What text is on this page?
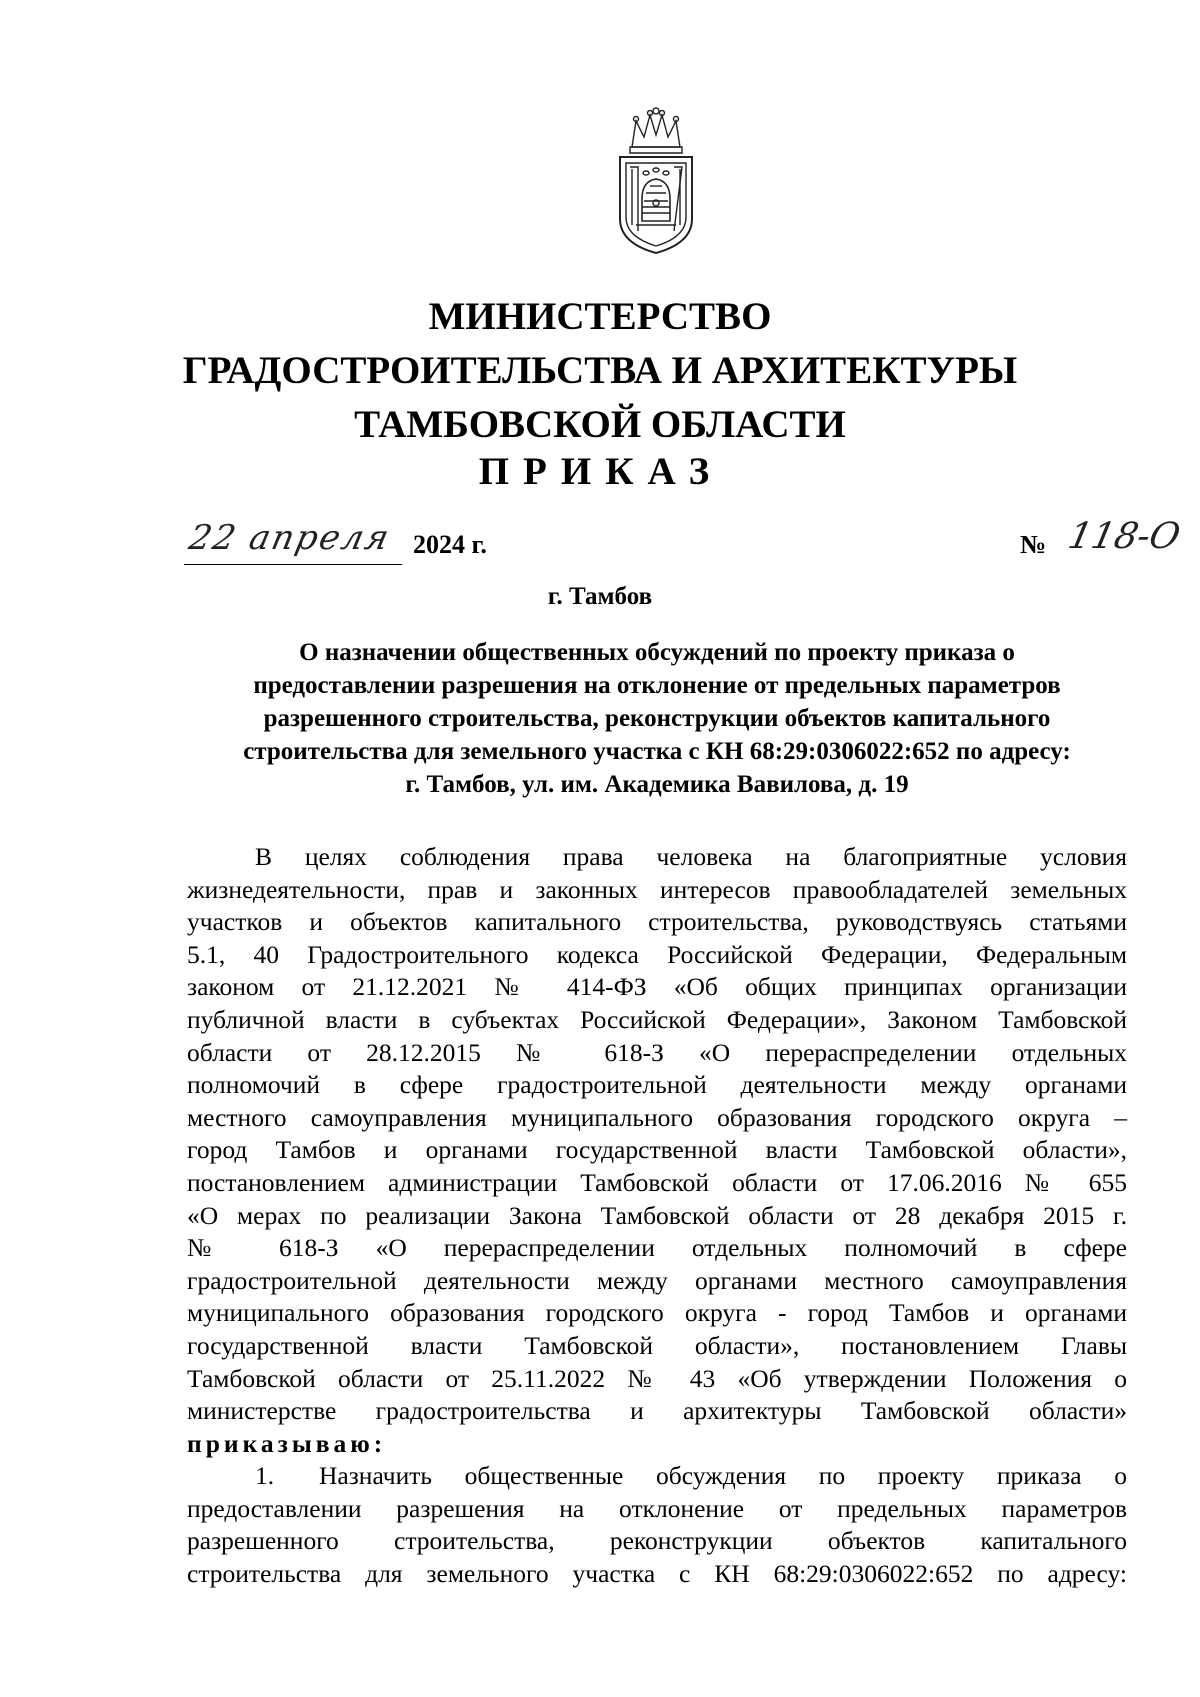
МИНИСТЕРСТВО
ГРАДОСТРОИТЕЛЬСТВА И АРХИТЕКТУРЫ
ТАМБОВСКОЙ ОБЛАСТИ
ПРИКАЗ
22 апреля 2024 г.	№ 118-О
г. Тамбов
О назначении общественных обсуждений по проекту приказа о
предоставлении разрешения на отклонение от предельных параметров
разрешенного строительства, реконструкции объектов капитального
строительства для земельного участка с КН 68:29:0306022:652 по адресу:
г. Тамбов, ул. им. Академика Вавилова, д. 19
В целях соблюдения права человека на благоприятные условия
жизнедеятельности, прав и законных интересов правообладателей земельных
участков и объектов капитального строительства, руководствуясь статьями
5.1, 40 Градостроительного кодекса Российской Федерации, Федеральным
законом от 21.12.2021 № 414-ФЗ «Об общих принципах организации
публичной власти в субъектах Российской Федерации», Законом Тамбовской
области от 28.12.2015 № 618-З «О перераспределении отдельных
полномочий в сфере градостроительной деятельности между органами
местного самоуправления муниципального образования городского округа –
город Тамбов и органами государственной власти Тамбовской области»,
постановлением администрации Тамбовской области от 17.06.2016 № 655
«О мерах по реализации Закона Тамбовской области от 28 декабря 2015 г.
№ 618-З «О перераспределении отдельных полномочий в сфере
градостроительной деятельности между органами местного самоуправления
муниципального образования городского округа - город Тамбов и органами
государственной власти Тамбовской области», постановлением Главы
Тамбовской области от 25.11.2022 № 43 «Об утверждении Положения о
министерстве градостроительства и архитектуры Тамбовской области»
приказываю:
1. Назначить общественные обсуждения по проекту приказа о
предоставлении разрешения на отклонение от предельных параметров
разрешенного строительства, реконструкции объектов капитального
строительства для земельного участка с КН 68:29:0306022:652 по адресу:
